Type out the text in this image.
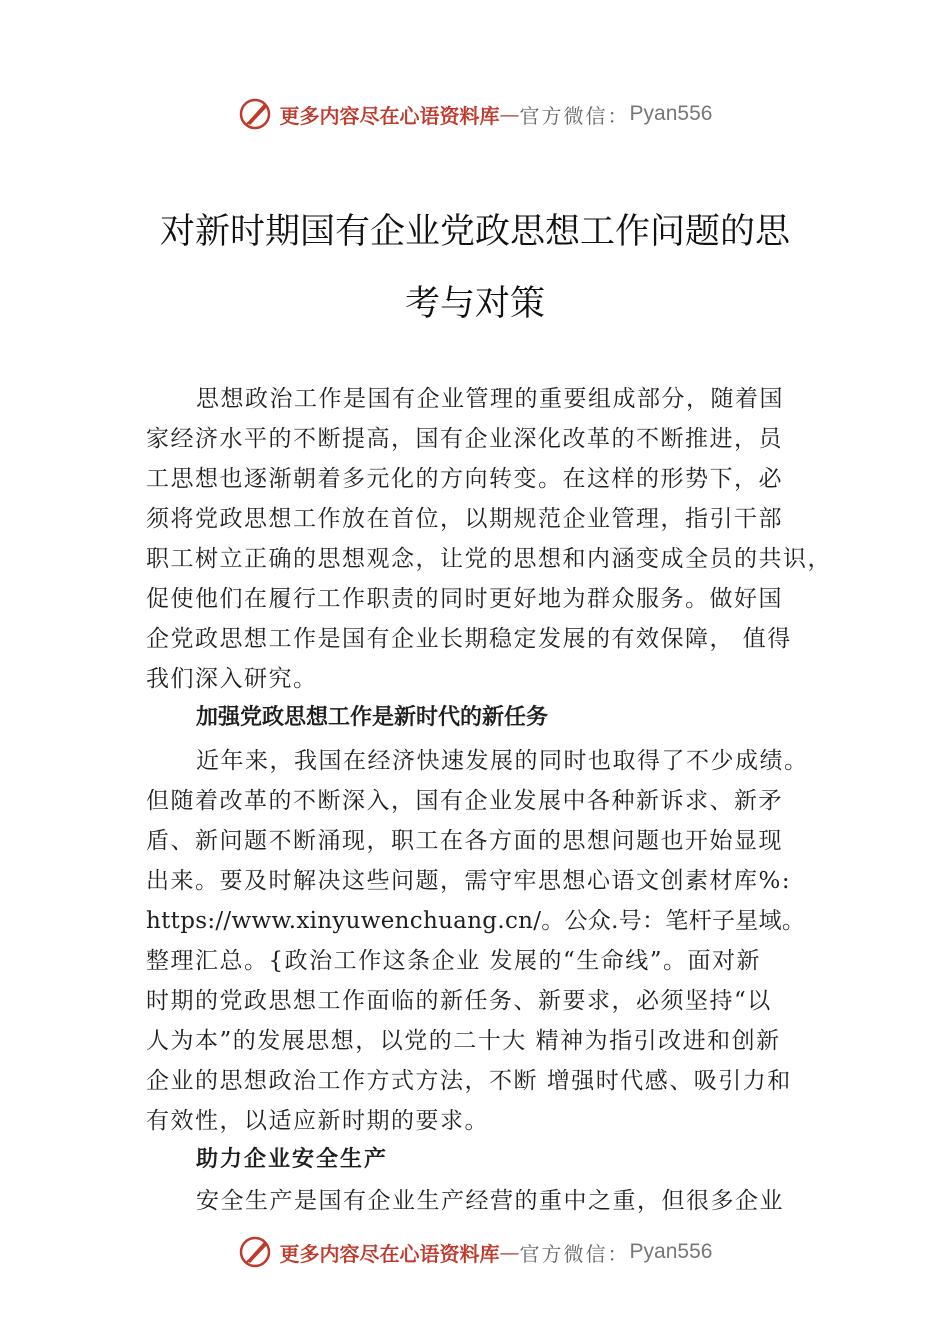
更多内容尽在心语资料库 — 官方微信： Pyan556
对新时期国有企业党政思想工作问题的思
考与对策
思想政治工作是国有企业管理的重要组成部分，随着国
家经济水平的不断提高，国有企业深化改革的不断推进，员
工思想也逐渐朝着多元化的方向转变。在这样的形势下，必
须将党政思想工作放在首位，以期规范企业管理，指引干部
职工树立正确的思想观念，让党的思想和内涵变成全员的共识，
促使他们在履行工作职责的同时更好地为群众服务。做好国
企党政思想工作是国有企业长期稳定发展的有效保障， 值得
我们深入研究。
加强党政思想工作是新时代的新任务
近年来，我国在经济快速发展的同时也取得了不少成绩。
但随着改革的不断深入，国有企业发展中各种新诉求、新矛
盾、新问题不断涌现，职工在各方面的思想问题也开始显现
出来。要及时解决这些问题，需守牢思想心语文创素材库%:
https://www.xinyuwenchuang.cn/。公众.号：笔杆子星域。
整理汇总。{政治工作这条企业 发展的“生命线”。面对新
时期的党政思想工作面临的新任务、新要求，必须坚持“以
人为本”的发展思想，以党的二十大 精神为指引改进和创新
企业的思想政治工作方式方法，不断 增强时代感、吸引力和
有效性，以适应新时期的要求。
助力企业安全生产
安全生产是国有企业生产经营的重中之重，但很多企业
更多内容尽在心语资料库 — 官方微信： Pyan556
